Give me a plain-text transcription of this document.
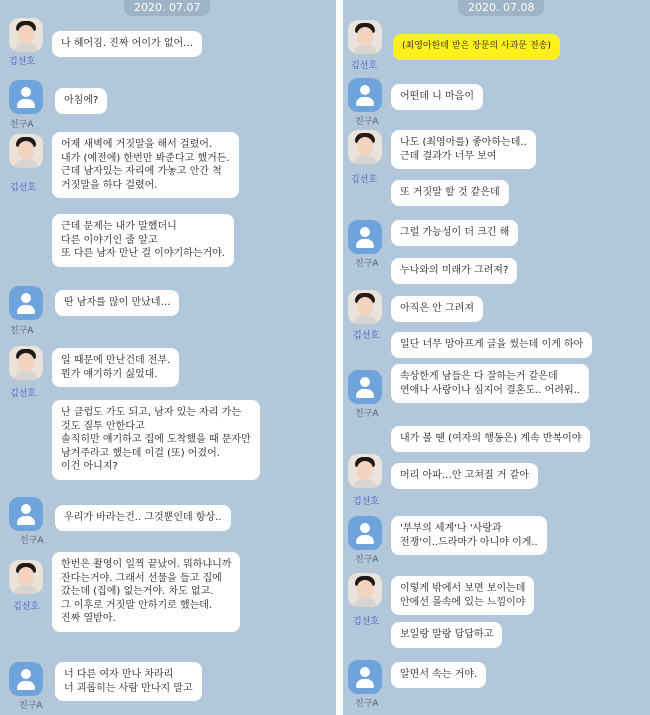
2020. 07.07
김선호
나 헤어짐. 진짜 어이가 없어…
친구A
아침에?
김선호
어제 새벽에 거짓말을 해서 걸렸어.
내가 (예전에) 한번만 봐준다고 했거든.
근데 남자있는 자리에 가놓고 안간 척
거짓말을 하다 걸렸어.
근데 문제는 내가 말했더니
다른 이야기인 줄 알고
또 다른 남자 만난 걸 이야기하는거야.
친구A
딴 남자를 많이 만났네…
김선호
일 때문에 만난건데 전부.
뭔가 얘기하기 싫었대.
난 클럽도 가도 되고, 남자 있는 자리 가는
것도 질투 안한다고
솔직히만 얘기하고 집에 도착했을 때 문자만
남겨주라고 했는데 이걸 (또) 어겼어.
이건 아니지?
친구A
우리가 바라는건.. 그것뿐인데 항상..
김선호
한번은 촬영이 일찍 끝났어. 뭐하냐니까
잔다는거야. 그래서 선물을 들고 집에
갔는데 (집에) 없는거야. 차도 없고.
그 이후로 거짓말 안하기로 했는데.
진짜 열받아.
친구A
너 다른 여자 만나 차라리
너 괴롭히는 사람 만나지 말고
2020. 07.08
김선호
(최영아한테 받은 장문의 사과문 전송)
친구A
어떤데 니 마음이
김선호
나도 (최영아를) 좋아하는데..
근데 결과가 너무 보여
또 거짓말 할 것 같은데
친구A
그럴 가능성이 더 크긴 해
누나와의 미래가 그려져?
김선호
아직은 안 그려져
일단 너무 맘아프게 글을 썼는데 이게 하아
친구A
속상한게 남들은 다 잘하는거 같은데
연애나 사랑이나 심지어 결혼도.. 어려워..
내가 볼 땐 (여자의 행동은) 계속 반복이야
김선호
머리 아파…안 고쳐질 거 같아
친구A
'부부의 세계'나 '사랑과
전쟁'이..드라마가 아니야 이게..
김선호
이렇게 밖에서 보면 보이는데
안에선 몰속에 있는 느낌이야
보일랑 말랑 답답하고
친구A
알면서 속는 거야.
